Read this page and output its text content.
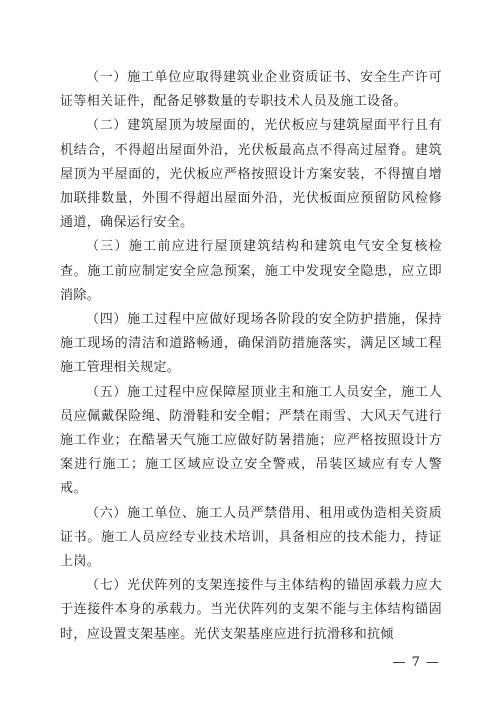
（一）施工单位应取得建筑业企业资质证书、安全生产许可证等相关证件，配备足够数量的专职技术人员及施工设备。

（二）建筑屋顶为坡屋面的，光伏板应与建筑屋面平行且有机结合，不得超出屋面外沿，光伏板最高点不得高过屋脊。建筑屋顶为平屋面的，光伏板应严格按照设计方案安装，不得擅自增加联排数量，外围不得超出屋面外沿，光伏板面应预留防风检修通道，确保运行安全。

（三）施工前应进行屋顶建筑结构和建筑电气安全复核检查。施工前应制定安全应急预案，施工中发现安全隐患，应立即消除。

（四）施工过程中应做好现场各阶段的安全防护措施，保持施工现场的清洁和道路畅通，确保消防措施落实，满足区域工程施工管理相关规定。

（五）施工过程中应保障屋顶业主和施工人员安全，施工人员应佩戴保险绳、防滑鞋和安全帽；严禁在雨雪、大风天气进行施工作业；在酷暑天气施工应做好防暑措施；应严格按照设计方案进行施工；施工区域应设立安全警戒，吊装区域应有专人警戒。

（六）施工单位、施工人员严禁借用、租用或伪造相关资质证书。施工人员应经专业技术培训，具备相应的技术能力，持证上岗。

（七）光伏阵列的支架连接件与主体结构的锚固承载力应大于连接件本身的承载力。当光伏阵列的支架不能与主体结构锚固时，应设置支架基座。光伏支架基座应进行抗滑移和抗倾

— 7 —
